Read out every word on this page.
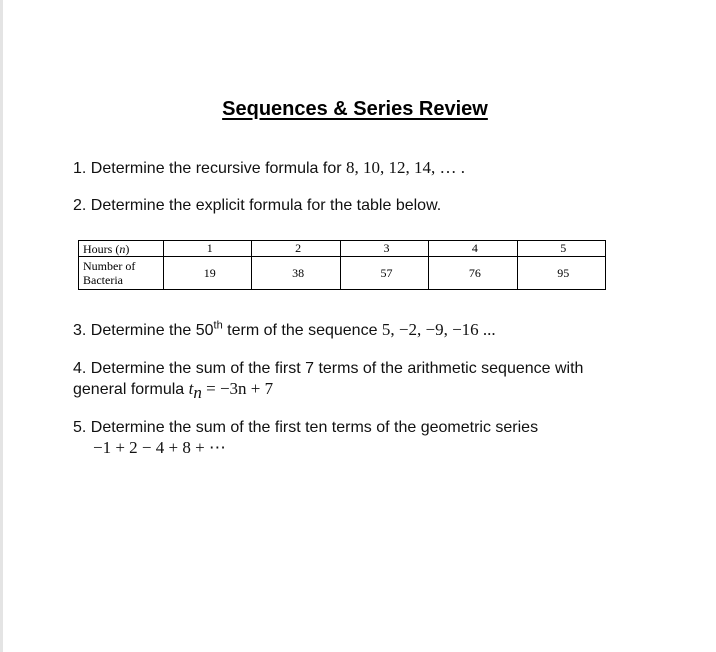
Sequences & Series Review
1. Determine the recursive formula for 8, 10, 12, 14, … .
2. Determine the explicit formula for the table below.
Hours (n)	1	2	3	4	5
Number of Bacteria	19	38	57	76	95
3. Determine the 50th term of the sequence 5, −2, −9, −16 ...
4. Determine the sum of the first 7 terms of the arithmetic sequence with
general formula $t_n = -3n + 7$
5. Determine the sum of the first ten terms of the geometric series
−1 + 2 − 4 + 8 + ⋯
